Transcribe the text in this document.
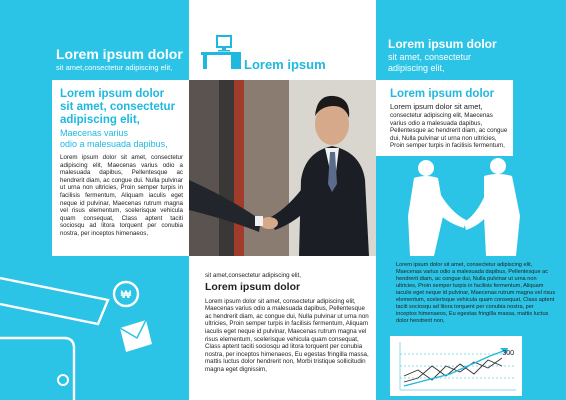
Lorem ipsum dolor
sit amet,consectetur adipiscing elit,
Lorem ipsum dolor
sit amet, consectetur
adipiscing elit,
Maecenas varius
odio a malesuada dapibus,

Lorem ipsum dolor sit amet, consectetur adipiscing elit, Maecenas varius odio a malesuada dapibus, Pellentesque ac hendrerit diam, ac congue dui. Nulla pulvinar ut urna non ultricies, Proin semper turpis in facilisis fermentum, Aliquam iaculis eget neque id pulvinar, Maecenas rutrum magna vel risus elementum, scelerisque vehicula quam consequat, Class aptent taciti sociosqu ad litora torquent per conubia nostra, per inceptos himenaeos,

₩
Lorem ipsum
sit amet,consectetur adipiscing elit,
Lorem ipsum dolor

Lorem ipsum dolor sit amet, consectetur adipiscing elit, Maecenas varius odio a malesuada dapibus, Pellentesque ac hendrerit diam, ac congue dui, Nulla pulvinar ut urna non ultricies, Proin semper turpis in facilisis fermentum, Aliquam iaculis eget neque id pulvinar, Maecenas rutrum magna vel risus elementum, scelerisque vehicula quam consequat, Class aptent taciti sociosqu ad litora torquent per conubia nostra, per inceptos himenaeos, Eu egestas fringilla massa, mattis luctus dolor hendrerit non, Morbi tristique sollicitudin magna eget dignissim,

Lorem ipsum dolor
sit amet, consectetur
adipiscing elit,
Lorem ipsum dolor
Lorem ipsum dolor sit amet,

consectetur adipiscing elit, Maecenas varius odio a malesuada dapibus, Pellentesque ac hendrerit diam, ac congue dui, Nulla pulvinar ut urna non ultricies, Proin semper turpis in facilisis fermentum,

Lorem ipsum dolor sit amet, consectetur adipiscing elit, Maecenas varius odio a malesuada dapibus, Pellentesque ac hendrerit diam, ac congue dui, Nulla pulvinar ut urna non ultricies, Proin semper turpis in facilisis fermentum, Aliquam iaculis eget neque id pulvinar, Maecenas rutrum magna vel risus elementum, scelerisque vehicula quam consequat, Class aptent taciti sociosqu ad litora torquent per conubia nostra, per inceptos himenaeos, Eu egestas fringilla massa, mattis luctus dolor hendrerit non,

300
